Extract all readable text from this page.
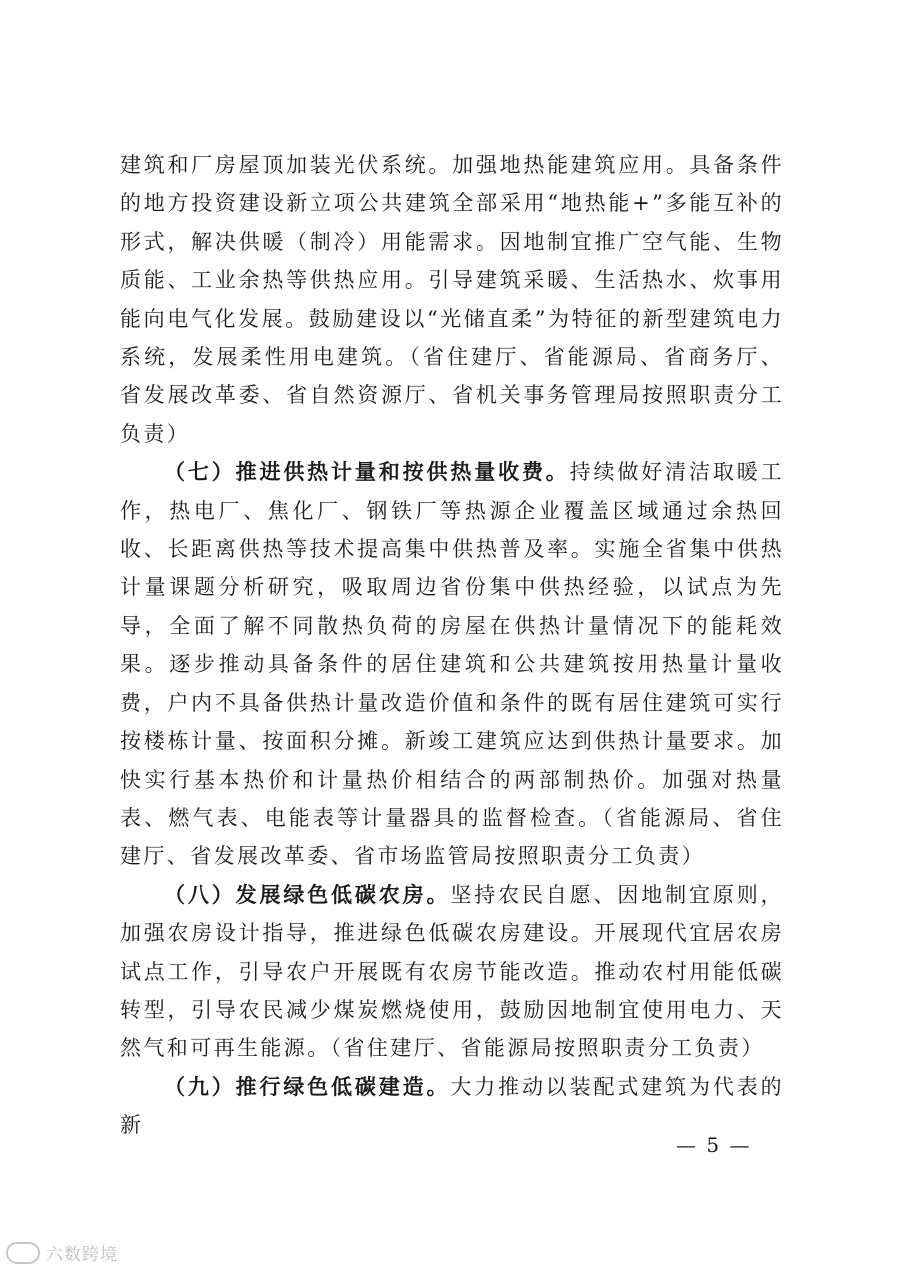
建筑和厂房屋顶加装光伏系统。加强地热能建筑应用。具备条件的地方投资建设新立项公共建筑全部采用“地热能+”多能互补的形式，解决供暖（制冷）用能需求。因地制宜推广空气能、生物质能、工业余热等供热应用。引导建筑采暖、生活热水、炊事用能向电气化发展。鼓励建设以“光储直柔”为特征的新型建筑电力系统，发展柔性用电建筑。（省住建厅、省能源局、省商务厅、省发展改革委、省自然资源厅、省机关事务管理局按照职责分工负责）

（七）推进供热计量和按供热量收费。持续做好清洁取暖工作，热电厂、焦化厂、钢铁厂等热源企业覆盖区域通过余热回收、长距离供热等技术提高集中供热普及率。实施全省集中供热计量课题分析研究，吸取周边省份集中供热经验，以试点为先导，全面了解不同散热负荷的房屋在供热计量情况下的能耗效果。逐步推动具备条件的居住建筑和公共建筑按用热量计量收费，户内不具备供热计量改造价值和条件的既有居住建筑可实行按楼栋计量、按面积分摊。新竣工建筑应达到供热计量要求。加快实行基本热价和计量热价相结合的两部制热价。加强对热量表、燃气表、电能表等计量器具的监督检查。（省能源局、省住建厅、省发展改革委、省市场监管局按照职责分工负责）

（八）发展绿色低碳农房。坚持农民自愿、因地制宜原则，加强农房设计指导，推进绿色低碳农房建设。开展现代宜居农房试点工作，引导农户开展既有农房节能改造。推动农村用能低碳转型，引导农民减少煤炭燃烧使用，鼓励因地制宜使用电力、天然气和可再生能源。（省住建厅、省能源局按照职责分工负责）

（九）推行绿色低碳建造。大力推动以装配式建筑为代表的新

— 5 —
六数跨境
